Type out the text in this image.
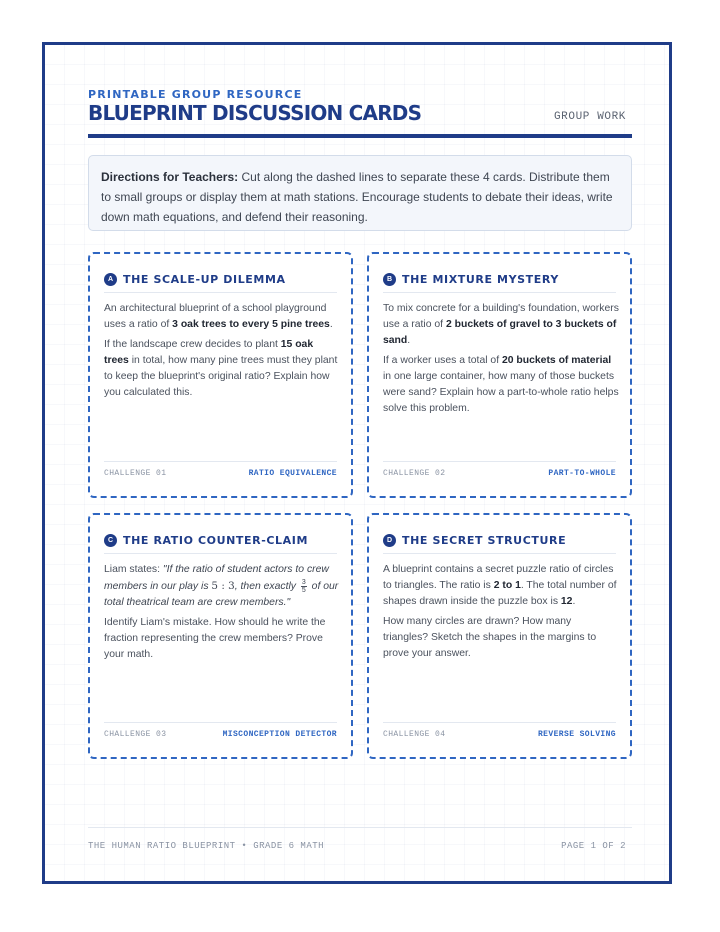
PRINTABLE GROUP RESOURCE
BLUEPRINT DISCUSSION CARDS	GROUP WORK
Directions for Teachers: Cut along the dashed lines to separate these 4 cards. Distribute them to small groups or display them at math stations. Encourage students to debate their ideas, write down math equations, and defend their reasoning.
A THE SCALE-UP DILEMMA

An architectural blueprint of a school playground uses a ratio of 3 oak trees to every 5 pine trees.

If the landscape crew decides to plant 15 oak trees in total, how many pine trees must they plant to keep the blueprint's original ratio? Explain how you calculated this.

CHALLENGE 01	RATIO EQUIVALENCE
B THE MIXTURE MYSTERY

To mix concrete for a building's foundation, workers use a ratio of 2 buckets of gravel to 3 buckets of sand.

If a worker uses a total of 20 buckets of material in one large container, how many of those buckets were sand? Explain how a part-to-whole ratio helps solve this problem.

CHALLENGE 02	PART-TO-WHOLE
C THE RATIO COUNTER-CLAIM

Liam states: "If the ratio of student actors to crew members in our play is 5 : 3, then exactly $\frac{3}{5}$ of our total theatrical team are crew members."

Identify Liam's mistake. How should he write the fraction representing the crew members? Prove your math.

CHALLENGE 03	MISCONCEPTION DETECTOR
D THE SECRET STRUCTURE

A blueprint contains a secret puzzle ratio of circles to triangles. The ratio is 2 to 1. The total number of shapes drawn inside the puzzle box is 12.

How many circles are drawn? How many triangles? Sketch the shapes in the margins to prove your answer.

CHALLENGE 04	REVERSE SOLVING
THE HUMAN RATIO BLUEPRINT • GRADE 6 MATH	PAGE 1 OF 2
